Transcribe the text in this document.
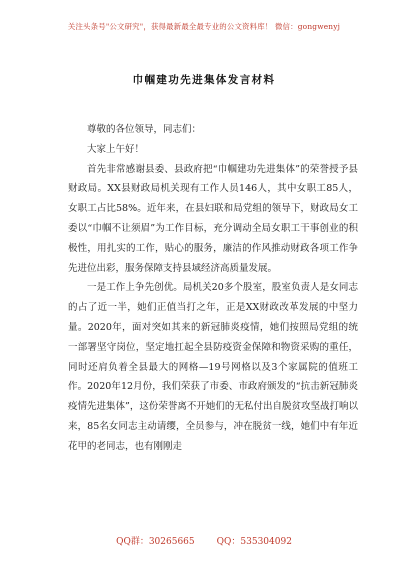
关注头条号"公文研究"，获得最新最全最专业的公文资料库！ 微信：gongwenyj
巾帼建功先进集体发言材料

尊敬的各位领导，同志们：

大家上午好！

首先非常感谢县委、县政府把“巾帼建功先进集体”的荣誉授予县财政局。XX县财政局机关现有工作人员146人，其中女职工85人，女职工占比58%。近年来，在县妇联和局党组的领导下，财政局女工委以“巾帼不让须眉”为工作目标，充分调动全局女职工干事创业的积极性，用扎实的工作，贴心的服务，廉洁的作风推动财政各项工作争先进位出彩，服务保障支持县域经济高质量发展。

一是工作上争先创优。局机关20多个股室，股室负责人是女同志的占了近一半，她们正值当打之年，正是XX财政改革发展的中坚力量。2020年，面对突如其来的新冠肺炎疫情，她们按照局党组的统一部署坚守岗位，坚定地扛起全县防疫资金保障和物资采购的重任，同时还肩负着全县最大的网格—19号网格以及3个家属院的值班工作。2020年12月份，我们荣获了市委、市政府颁发的“抗击新冠肺炎疫情先进集体”，这份荣誉离不开她们的无私付出自脱贫攻坚战打响以来，85名女同志主动请缨，全员参与，冲在脱贫一线，她们中有年近花甲的老同志，也有刚刚走

QQ群：30265665 QQ：535304092
